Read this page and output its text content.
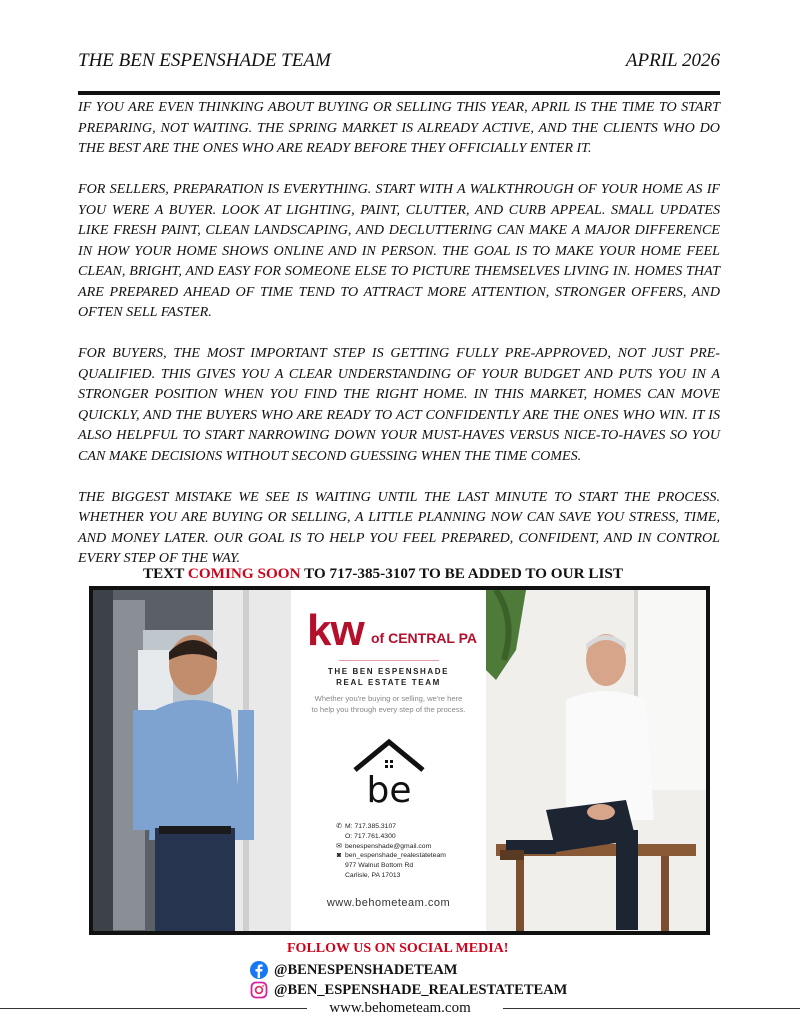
THE BEN ESPENSHADE TEAM	APRIL 2026

IF YOU ARE EVEN THINKING ABOUT BUYING OR SELLING THIS YEAR, APRIL IS THE TIME TO START PREPARING, NOT WAITING. THE SPRING MARKET IS ALREADY ACTIVE, AND THE CLIENTS WHO DO THE BEST ARE THE ONES WHO ARE READY BEFORE THEY OFFICIALLY ENTER IT.

FOR SELLERS, PREPARATION IS EVERYTHING. START WITH A WALKTHROUGH OF YOUR HOME AS IF YOU WERE A BUYER. LOOK AT LIGHTING, PAINT, CLUTTER, AND CURB APPEAL. SMALL UPDATES LIKE FRESH PAINT, CLEAN LANDSCAPING, AND DECLUTTERING CAN MAKE A MAJOR DIFFERENCE IN HOW YOUR HOME SHOWS ONLINE AND IN PERSON. THE GOAL IS TO MAKE YOUR HOME FEEL CLEAN, BRIGHT, AND EASY FOR SOMEONE ELSE TO PICTURE THEMSELVES LIVING IN. HOMES THAT ARE PREPARED AHEAD OF TIME TEND TO ATTRACT MORE ATTENTION, STRONGER OFFERS, AND OFTEN SELL FASTER.

FOR BUYERS, THE MOST IMPORTANT STEP IS GETTING FULLY PRE-APPROVED, NOT JUST PRE-QUALIFIED. THIS GIVES YOU A CLEAR UNDERSTANDING OF YOUR BUDGET AND PUTS YOU IN A STRONGER POSITION WHEN YOU FIND THE RIGHT HOME. IN THIS MARKET, HOMES CAN MOVE QUICKLY, AND THE BUYERS WHO ARE READY TO ACT CONFIDENTLY ARE THE ONES WHO WIN. IT IS ALSO HELPFUL TO START NARROWING DOWN YOUR MUST-HAVES VERSUS NICE-TO-HAVES SO YOU CAN MAKE DECISIONS WITHOUT SECOND GUESSING WHEN THE TIME COMES.

THE BIGGEST MISTAKE WE SEE IS WAITING UNTIL THE LAST MINUTE TO START THE PROCESS. WHETHER YOU ARE BUYING OR SELLING, A LITTLE PLANNING NOW CAN SAVE YOU STRESS, TIME, AND MONEY LATER. OUR GOAL IS TO HELP YOU FEEL PREPARED, CONFIDENT, AND IN CONTROL EVERY STEP OF THE WAY.

TEXT COMING SOON TO 717-385-3107 TO BE ADDED TO OUR LIST
kw of CENTRAL PA
THE BEN ESPENSHADE
REAL ESTATE TEAM
Whether you're buying or selling, we're here to help you through every step of the process.
be
✆ M: 717.385.3107
O: 717.761.4300
✉ benespenshade@gmail.com
◙ ben_espenshade_realestateteam
977 Walnut Bottom Rd
Carlisle, PA 17013
www.behometeam.com
FOLLOW US ON SOCIAL MEDIA!
@BENESPENSHADETEAM
@BEN_ESPENSHADE_REALESTATETEAM
www.behometeam.com
